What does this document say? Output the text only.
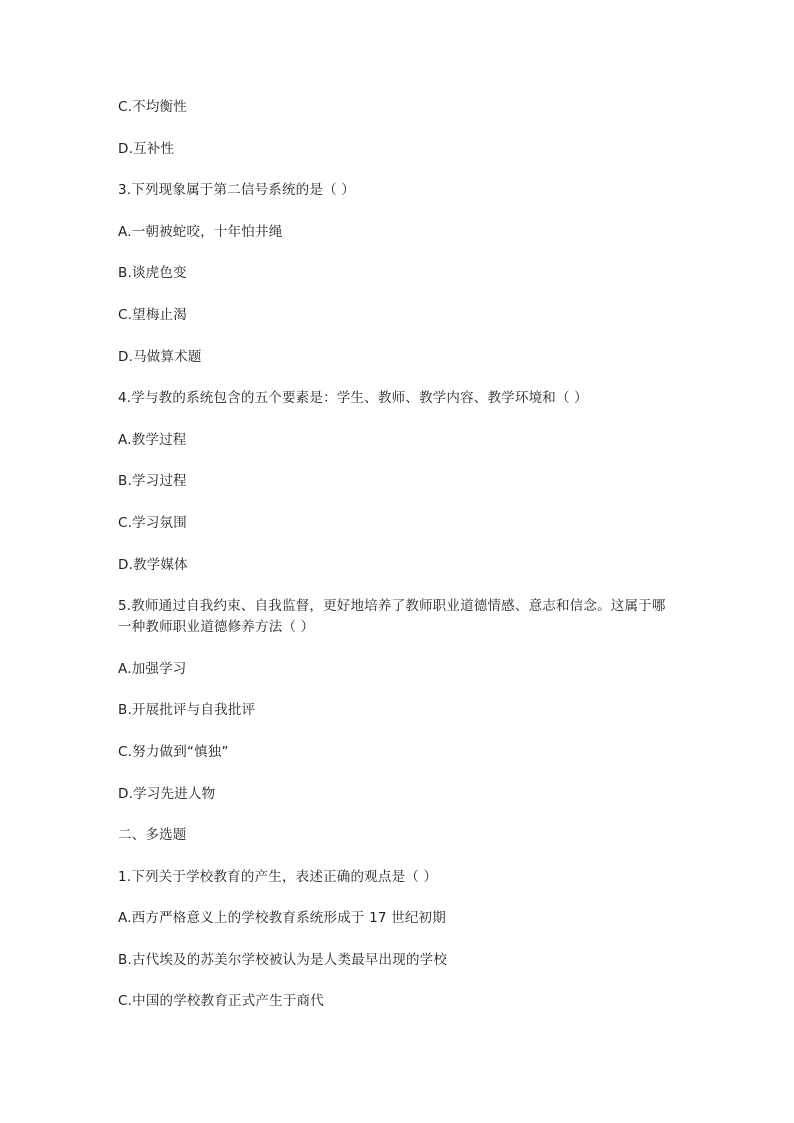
C.不均衡性

D.互补性

3.下列现象属于第二信号系统的是（ ）

A.一朝被蛇咬，十年怕井绳

B.谈虎色变

C.望梅止渴

D.马做算术题

4.学与教的系统包含的五个要素是：学生、教师、教学内容、教学环境和（ ）

A.教学过程

B.学习过程

C.学习氛围

D.教学媒体

5.教师通过自我约束、自我监督，更好地培养了教师职业道德情感、意志和信念。这属于哪一种教师职业道德修养方法（ ）

A.加强学习

B.开展批评与自我批评

C.努力做到“慎独”

D.学习先进人物

二、多选题

1.下列关于学校教育的产生，表述正确的观点是（ ）

A.西方严格意义上的学校教育系统形成于 17 世纪初期

B.古代埃及的苏美尔学校被认为是人类最早出现的学校

C.中国的学校教育正式产生于商代
